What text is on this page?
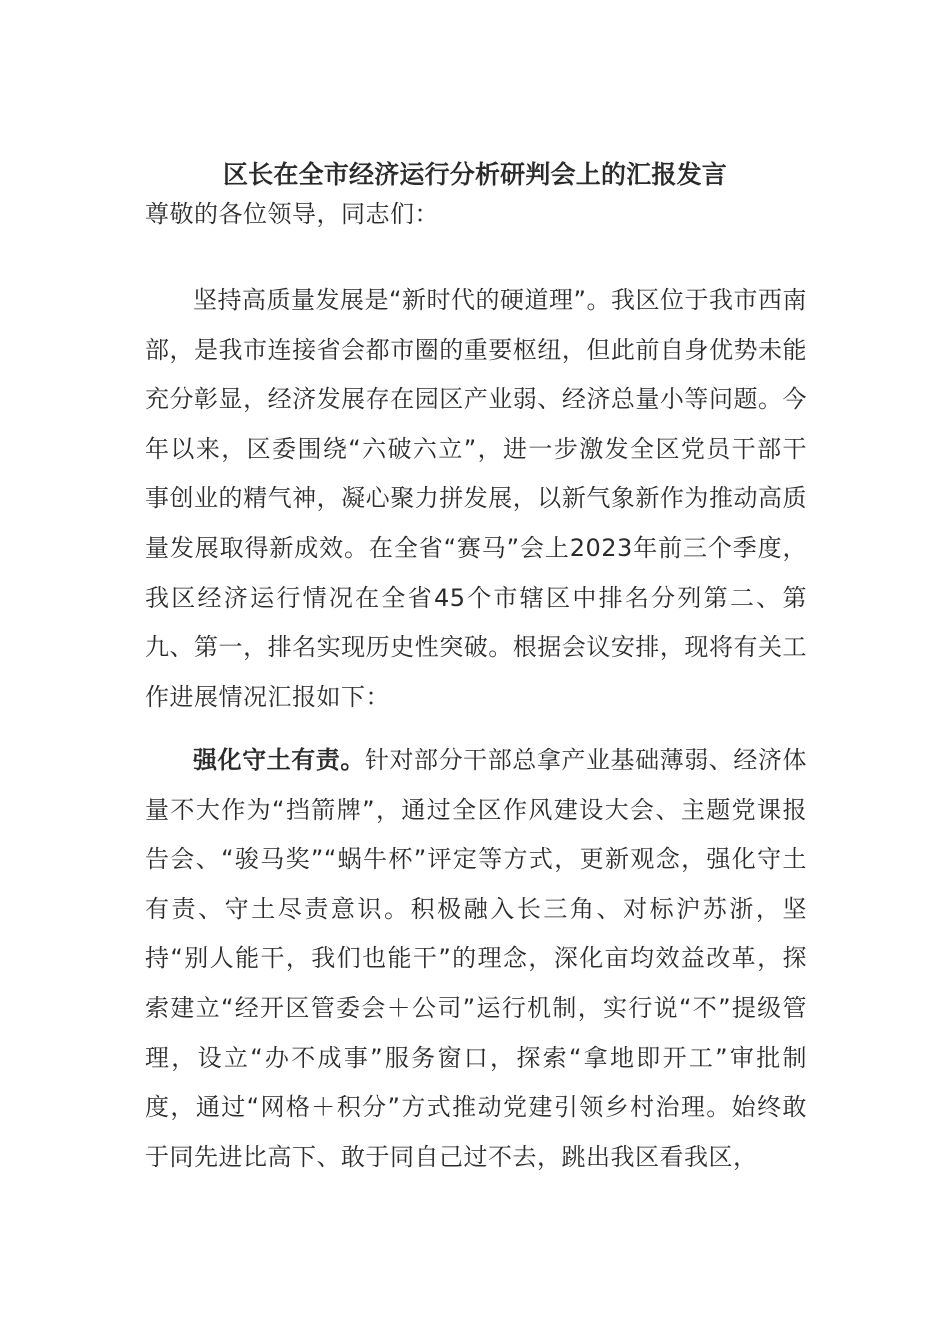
区长在全市经济运行分析研判会上的汇报发言

尊敬的各位领导，同志们：

坚持高质量发展是“新时代的硬道理”。我区位于我市西南部，是我市连接省会都市圈的重要枢纽，但此前自身优势未能充分彰显，经济发展存在园区产业弱、经济总量小等问题。今年以来，区委围绕“六破六立”，进一步激发全区党员干部干事创业的精气神，凝心聚力拼发展，以新气象新作为推动高质量发展取得新成效。在全省“赛马”会上2023年前三个季度，我区经济运行情况在全省45个市辖区中排名分列第二、第九、第一，排名实现历史性突破。根据会议安排，现将有关工作进展情况汇报如下：

强化守土有责。针对部分干部总拿产业基础薄弱、经济体量不大作为“挡箭牌”，通过全区作风建设大会、主题党课报告会、“骏马奖”“蜗牛杯”评定等方式，更新观念，强化守土有责、守土尽责意识。积极融入长三角、对标沪苏浙，坚持“别人能干，我们也能干”的理念，深化亩均效益改革，探索建立“经开区管委会＋公司”运行机制，实行说“不”提级管理，设立“办不成事”服务窗口，探索“拿地即开工”审批制度，通过“网格＋积分”方式推动党建引领乡村治理。始终敢于同先进比高下、敢于同自己过不去，跳出我区看我区，
